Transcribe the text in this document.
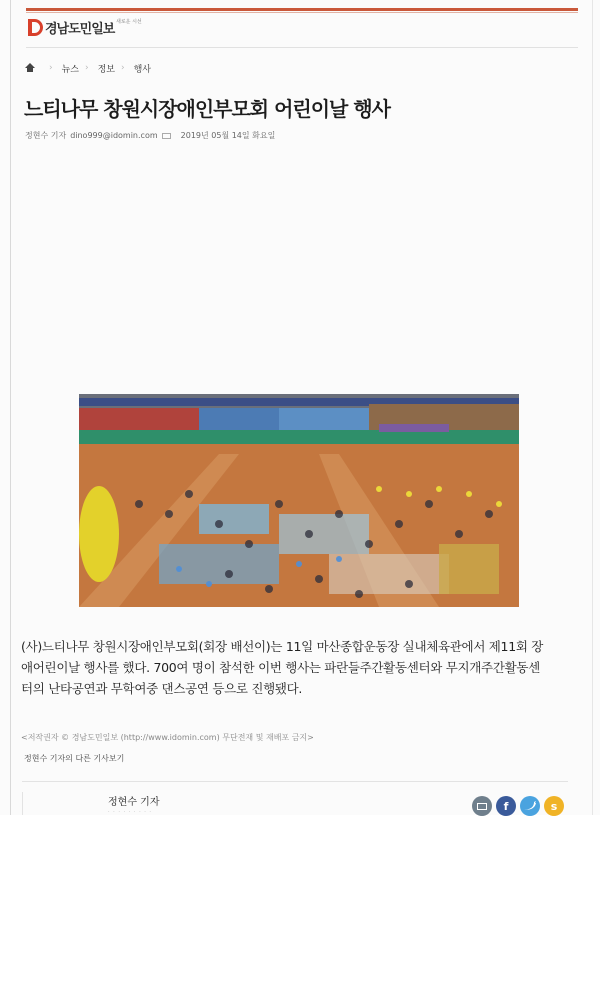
경남도민일보 새로운 시선
› 뉴스 › 정보 › 행사
느티나무 창원시장애인부모회 어린이날 행사
정현수 기자 dino999@idomin.com	2019년 05월 14일 화요일
(사)느티나무 창원시장애인부모회(회장 배선이)는 11일 마산종합운동장 실내체육관에서 제11회 장
애어린이날 행사를 했다. 700여 명이 참석한 이번 행사는 파란들주간활동센터와 무지개주간활동센
터의 난타공연과 무학여중 댄스공연 등으로 진행됐다.
<저작권자 © 경남도민일보 (http://www.idomin.com) 무단전재 및 재배포 금지>
정현수 기자의 다른 기사보기
정현수 기자
· · · · · · · · ·	f	s
